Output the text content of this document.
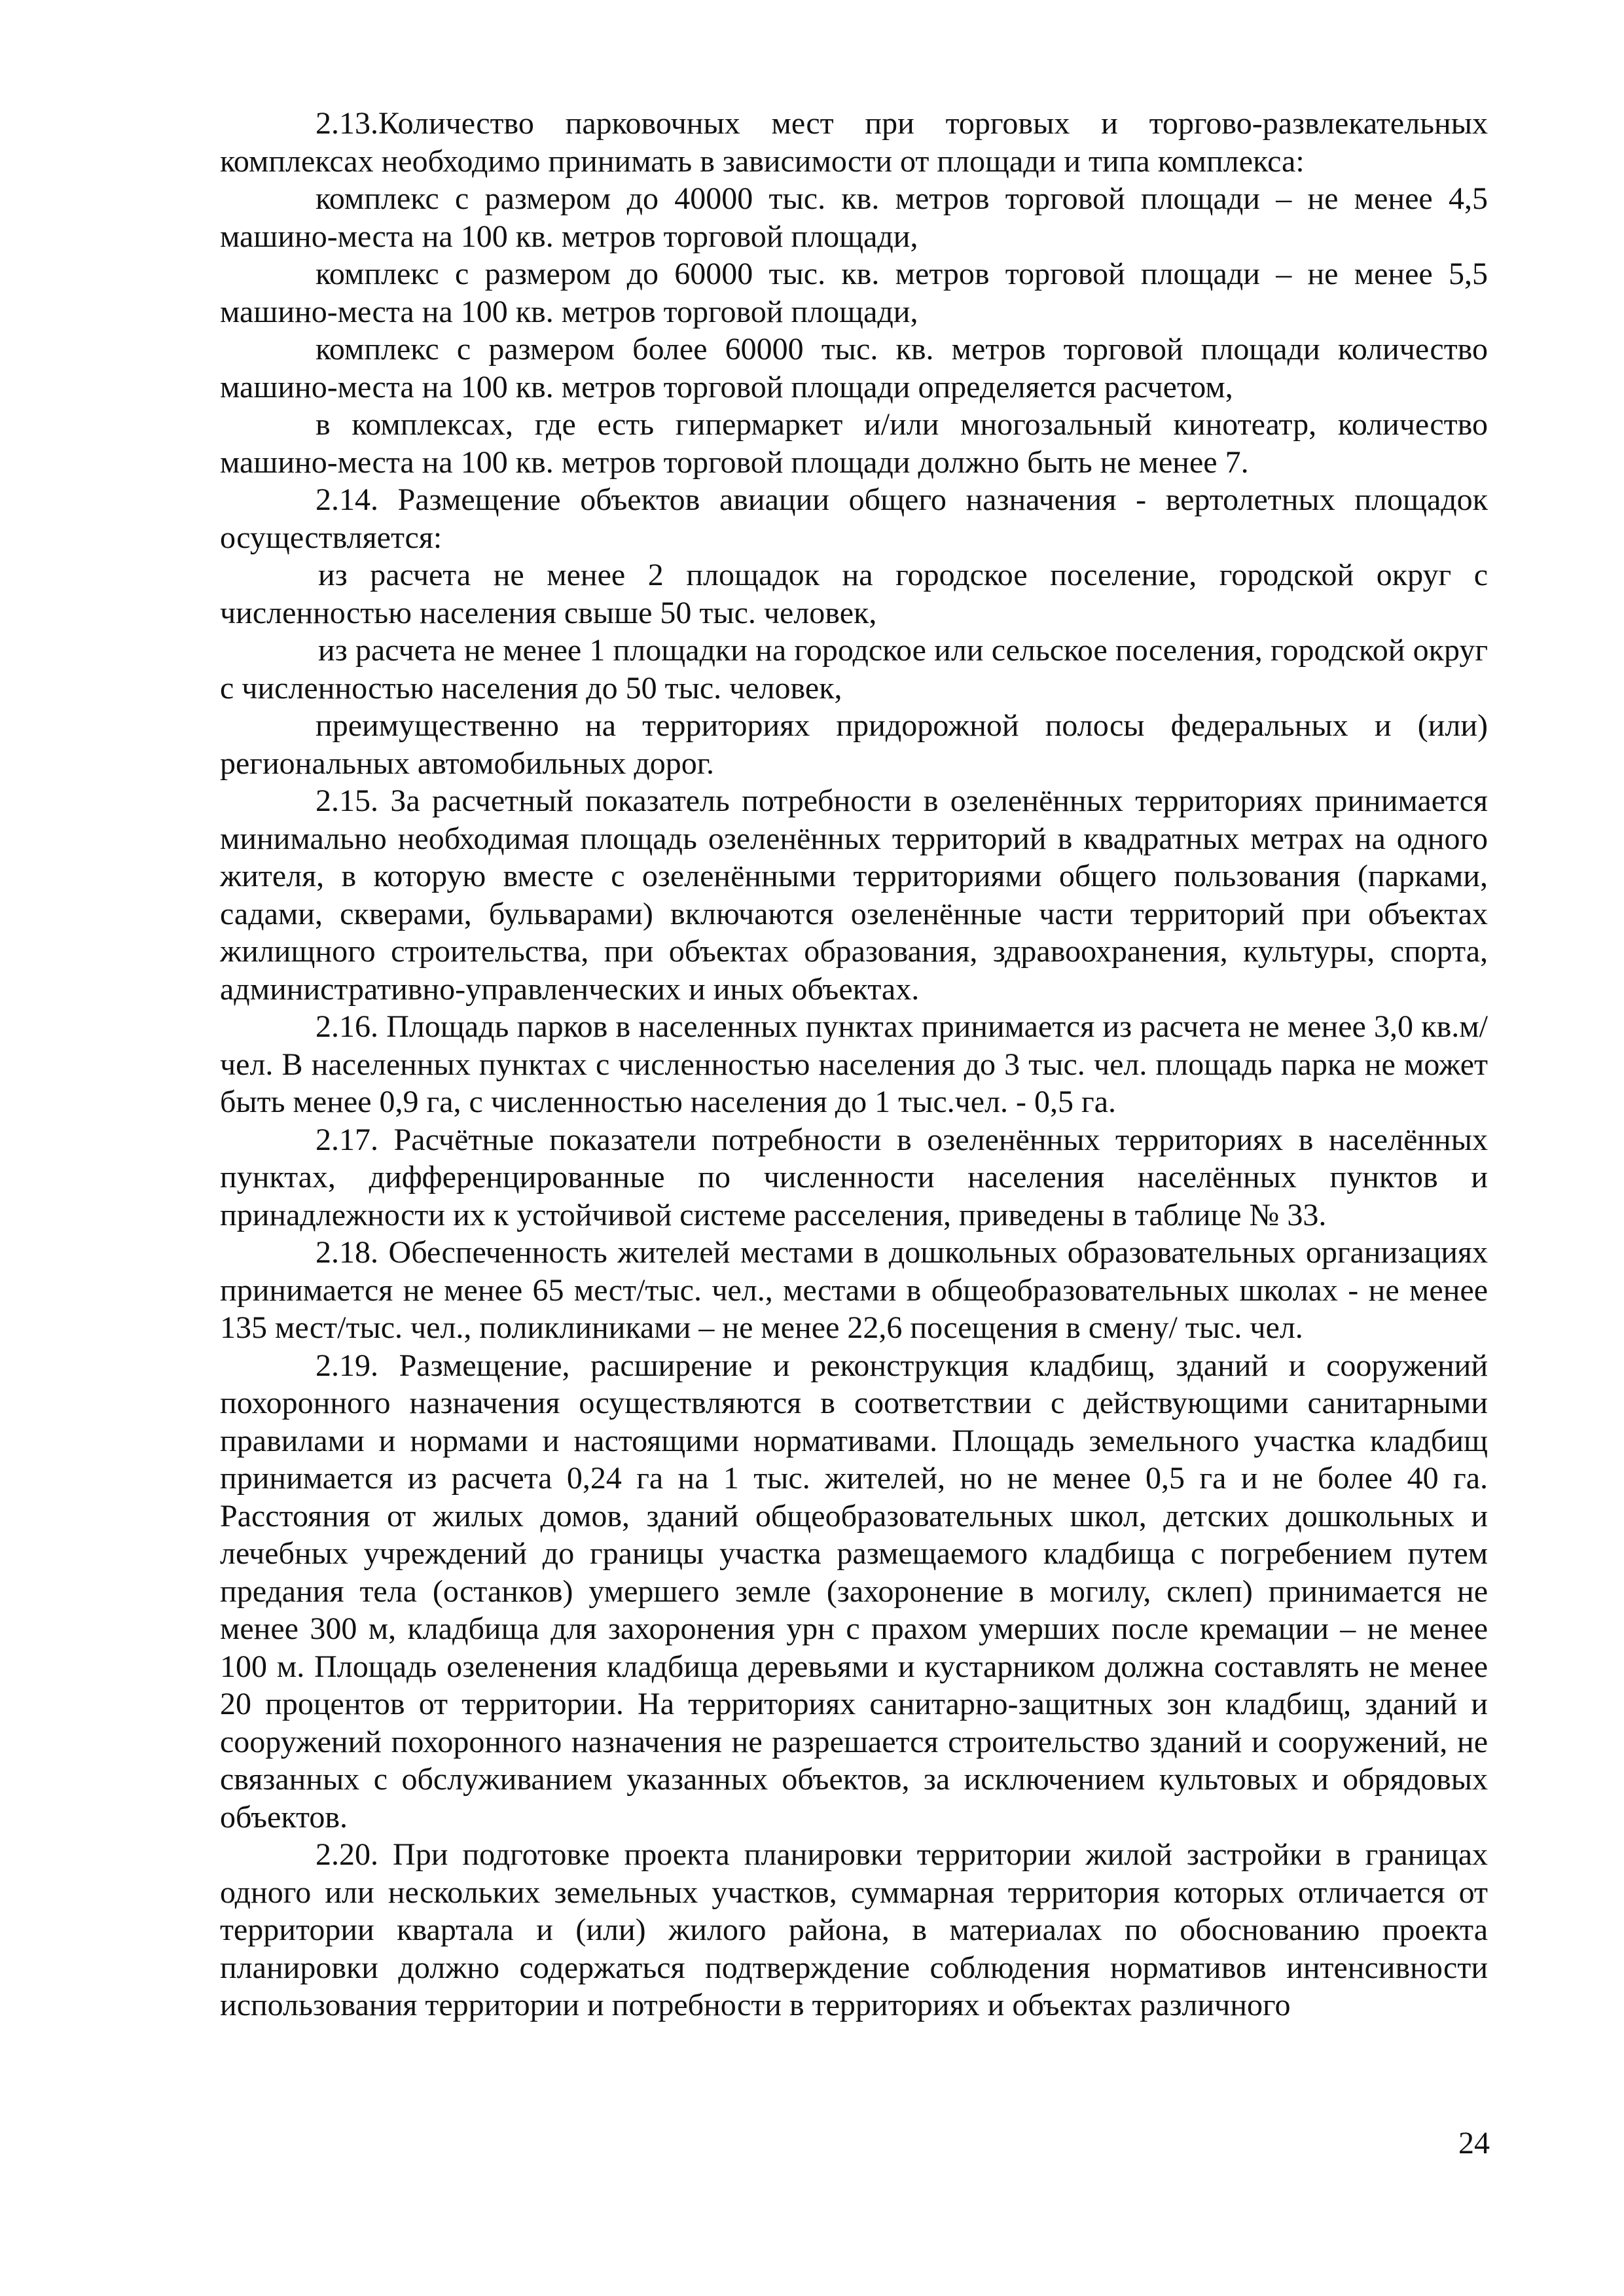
2.13.Количество парковочных мест при торговых и торгово-развлекательных комплексах необходимо принимать в зависимости от площади и типа комплекса:

комплекс с размером до 40000 тыс. кв. метров торговой площади – не менее 4,5 машино-места на 100 кв. метров торговой площади,

комплекс с размером до 60000 тыс. кв. метров торговой площади – не менее 5,5 машино-места на 100 кв. метров торговой площади,

комплекс с размером более 60000 тыс. кв. метров торговой площади количество машино-места на 100 кв. метров торговой площади определяется расчетом,

в комплексах, где есть гипермаркет и/или многозальный кинотеатр, количество машино-места на 100 кв. метров торговой площади должно быть не менее 7.

2.14. Размещение объектов авиации общего назначения - вертолетных площадок осуществляется:

из расчета не менее 2 площадок на городское поселение, городской округ с численностью населения свыше 50 тыс. человек,

из расчета не менее 1 площадки на городское или сельское поселения, городской округ с численностью населения до 50 тыс. человек,

преимущественно на территориях придорожной полосы федеральных и (или) региональных автомобильных дорог.

2.15. За расчетный показатель потребности в озеленённых территориях принимается минимально необходимая площадь озеленённых территорий в квадратных метрах на одного жителя, в которую вместе с озеленёнными территориями общего пользования (парками, садами, скверами, бульварами) включаются озеленённые части территорий при объектах жилищного строительства, при объектах образования, здравоохранения, культуры, спорта, административно-управленческих и иных объектах.

2.16. Площадь парков в населенных пунктах принимается из расчета не менее 3,0 кв.м/чел. В населенных пунктах с численностью населения до 3 тыс. чел. площадь парка не может быть менее 0,9 га, с численностью населения до 1 тыс.чел. - 0,5 га.

2.17. Расчётные показатели потребности в озеленённых территориях в населённых пунктах, дифференцированные по численности населения населённых пунктов и принадлежности их к устойчивой системе расселения, приведены в таблице № 33.

2.18. Обеспеченность жителей местами в дошкольных образовательных организациях принимается не менее 65 мест/тыс. чел., местами в общеобразовательных школах - не менее 135 мест/тыс. чел., поликлиниками – не менее 22,6 посещения в смену/ тыс. чел.

2.19. Размещение, расширение и реконструкция кладбищ, зданий и сооружений похоронного назначения осуществляются в соответствии с действующими санитарными правилами и нормами и настоящими нормативами. Площадь земельного участка кладбищ принимается из расчета 0,24 га на 1 тыс. жителей, но не менее 0,5 га и не более 40 га. Расстояния от жилых домов, зданий общеобразовательных школ, детских дошкольных и лечебных учреждений до границы участка размещаемого кладбища с погребением путем предания тела (останков) умершего земле (захоронение в могилу, склеп) принимается не менее 300 м, кладбища для захоронения урн с прахом умерших после кремации – не менее 100 м. Площадь озеленения кладбища деревьями и кустарником должна составлять не менее 20 процентов от территории. На территориях санитарно-защитных зон кладбищ, зданий и сооружений похоронного назначения не разрешается строительство зданий и сооружений, не связанных с обслуживанием указанных объектов, за исключением культовых и обрядовых объектов.

2.20. При подготовке проекта планировки территории жилой застройки в границах одного или нескольких земельных участков, суммарная территория которых отличается от территории квартала и (или) жилого района, в материалах по обоснованию проекта планировки должно содержаться подтверждение соблюдения нормативов интенсивности использования территории и потребности в территориях и объектах различного

24
